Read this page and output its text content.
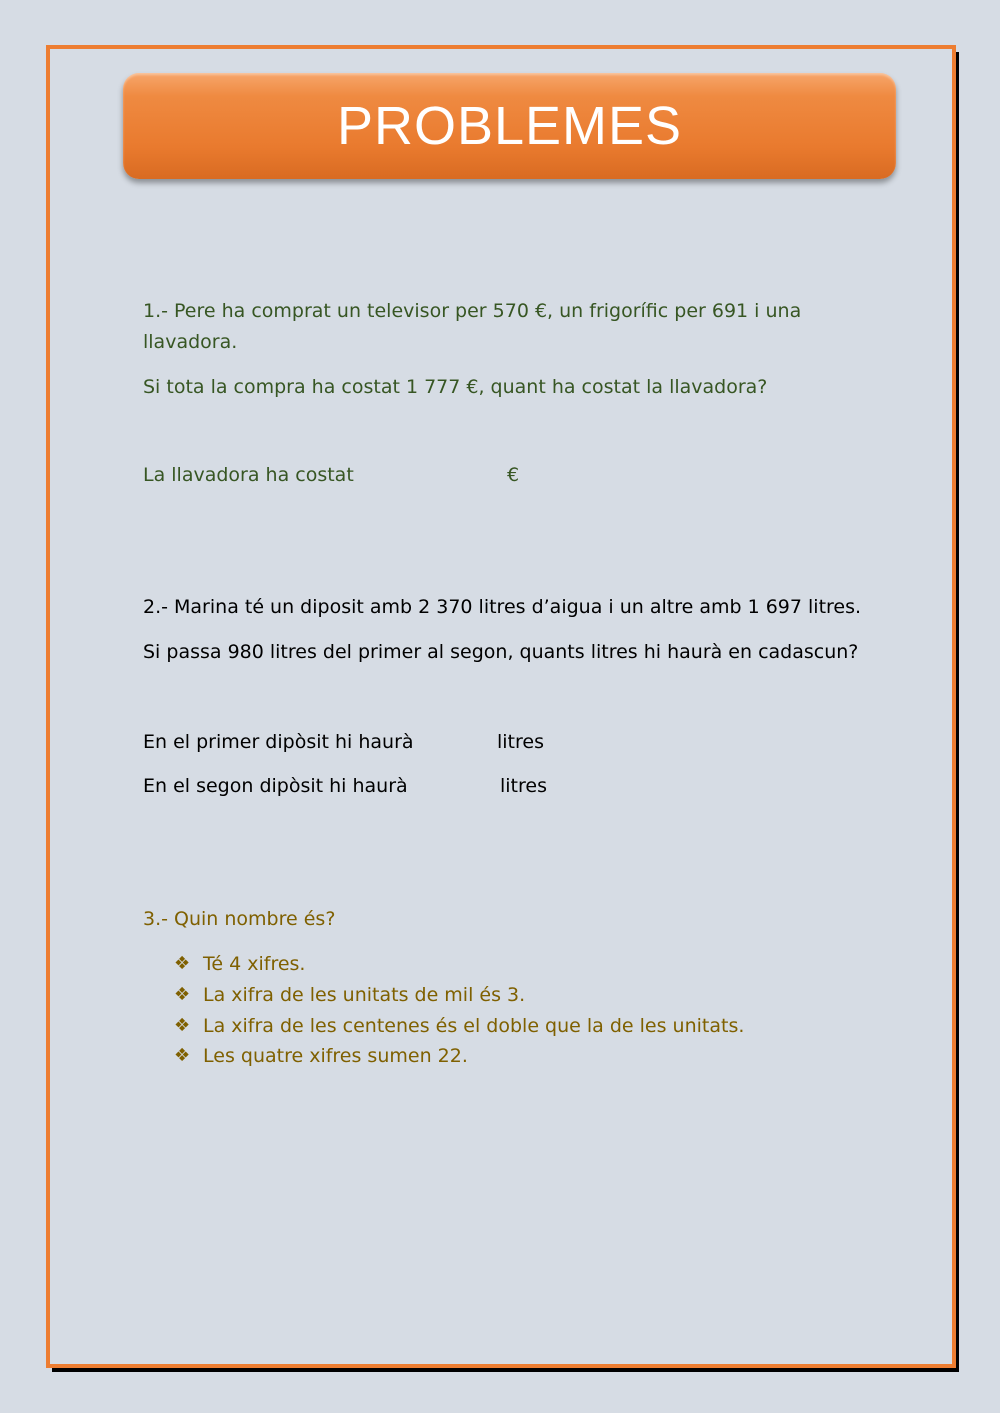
PROBLEMES
1.- Pere ha comprat un televisor per 570 €, un frigorífic per 691 i una
llavadora.
Si tota la compra ha costat 1 777 €, quant ha costat la llavadora?
La llavadora ha costat	€
2.- Marina té un diposit amb 2 370 litres d’aigua i un altre amb 1 697 litres.
Si passa 980 litres del primer al segon, quants litres hi haurà en cadascun?
En el primer dipòsit hi haurà	litres
En el segon dipòsit hi haurà	litres
3.- Quin nombre és?
❖ Té 4 xifres.
❖ La xifra de les unitats de mil és 3.
❖ La xifra de les centenes és el doble que la de les unitats.
❖ Les quatre xifres sumen 22.
